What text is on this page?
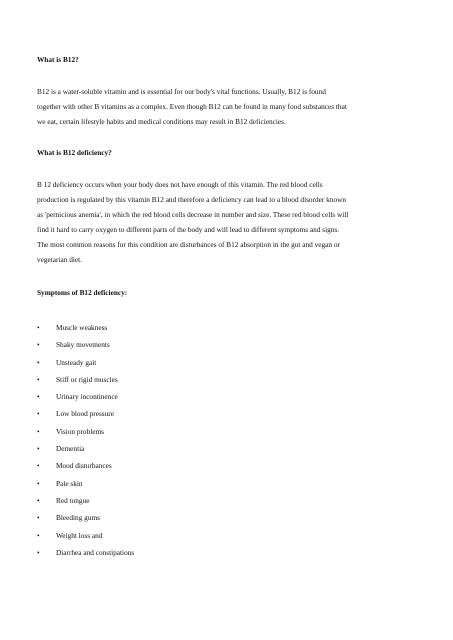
What is B12?

B12 is a water-soluble vitamin and is essential for our body's vital functions. Usually, B12 is found
together with other B vitamins as a complex. Even though B12 can be found in many food substances that
we eat, certain lifestyle habits and medical conditions may result in B12 deficiencies.

What is B12 deficiency?

B 12 deficiency occurs when your body does not have enough of this vitamin. The red blood cells
production is regulated by this vitamin B12 and therefore a deficiency can lead to a blood disorder known
as 'pernicious anemia', in which the red blood cells decrease in number and size. These red blood cells will
find it hard to carry oxygen to different parts of the body and will lead to different symptoms and signs.
The most common reasons for this condition are disturbances of B12 absorption in the gut and vegan or
vegetarian diet.

Symptoms of B12 deficiency:

• Muscle weakness
• Shaky movements
• Unsteady gait
• Stiff or rigid muscles
• Urinary incontinence
• Low blood pressure
• Vision problems
• Dementia
• Mood disturbances
• Pale skin
• Red tongue
• Bleeding gums
• Weight loss and
• Diarrhea and constipations
